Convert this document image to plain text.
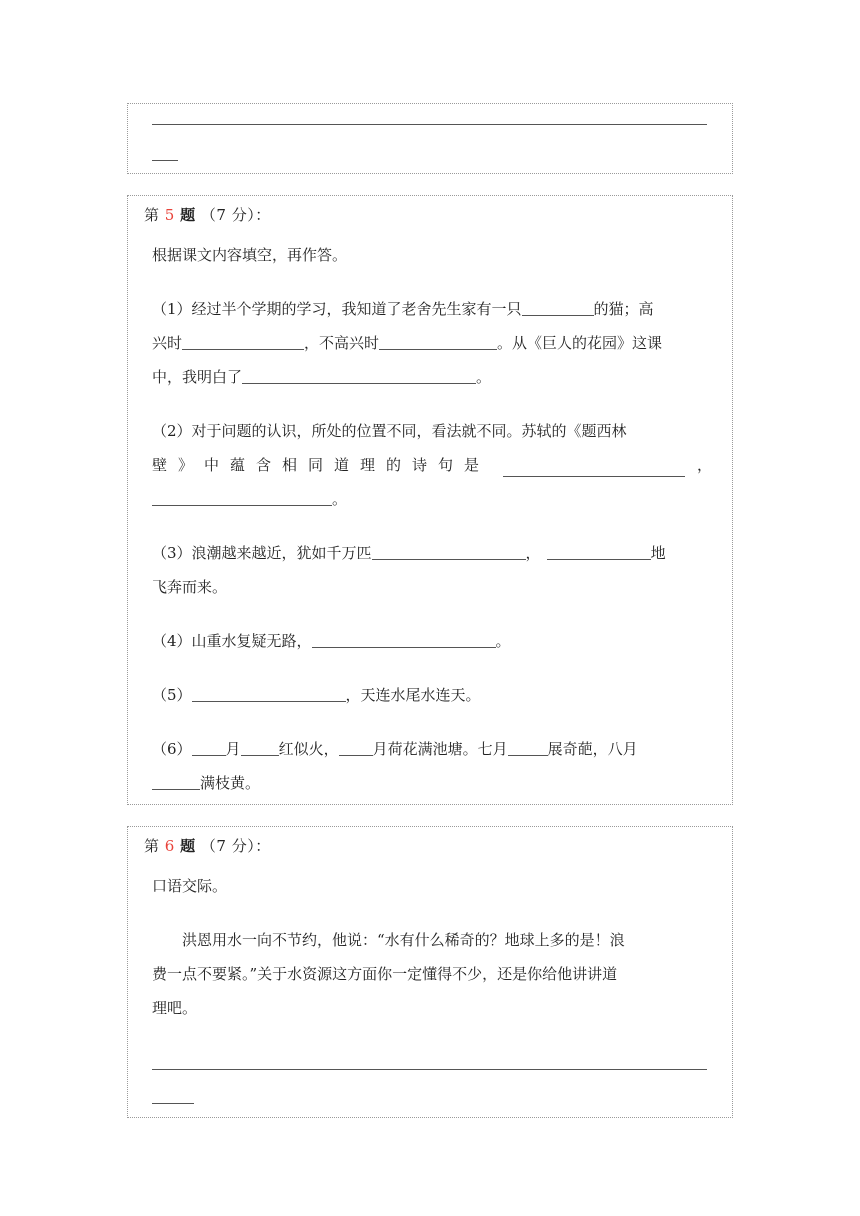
第 5 题 （7 分）：
根据课文内容填空，再作答。
（1）经过半个学期的学习，我知道了老舍先生家有一只	的猫；高
兴时	，不高兴时	。从《巨人的花园》这课
中，我明白了	。
（2）对于问题的认识，所处的位置不同，看法就不同。苏轼的《题西林
壁》中蕴含相同道理的诗句是	，
。
（3）浪潮越来越近，犹如千万匹	，	地
飞奔而来。
（4）山重水复疑无路，	。
（5）	，天连水尾水连天。
（6） 月	红似火， 月荷花满池塘。七月	展奇葩，八月
满枝黄。
第 6 题 （7 分）：
口语交际。
洪恩用水一向不节约，他说：“水有什么稀奇的？地球上多的是！浪
费一点不要紧。”关于水资源这方面你一定懂得不少，还是你给他讲讲道
理吧。
